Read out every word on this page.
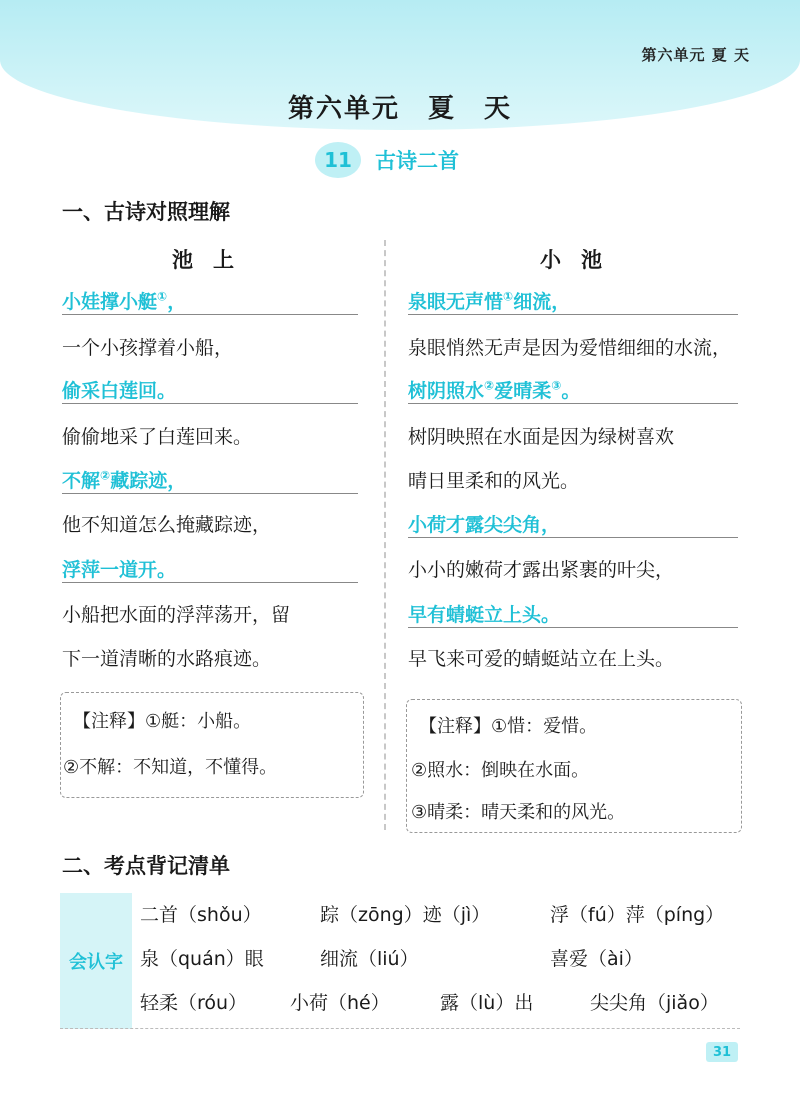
第六单元 夏 天
第六单元　夏　天
11	古诗二首
一、古诗对照理解
池上
小娃撑小艇①，
一个小孩撑着小船，
偷采白莲回。
偷偷地采了白莲回来。
不解②藏踪迹，
他不知道怎么掩藏踪迹，
浮萍一道开。
小船把水面的浮萍荡开，留
下一道清晰的水路痕迹。
【注释】①艇：小船。
②不解：不知道，不懂得。
小池
泉眼无声惜①细流，
泉眼悄然无声是因为爱惜细细的水流，
树阴照水②爱晴柔③。
树阴映照在水面是因为绿树喜欢
晴日里柔和的风光。
小荷才露尖尖角，
小小的嫩荷才露出紧裹的叶尖，
早有蜻蜓立上头。
早飞来可爱的蜻蜓站立在上头。
【注释】①惜：爱惜。
②照水：倒映在水面。
③晴柔：晴天柔和的风光。
二、考点背记清单
会认字
二首（shǒu）	踪（zōng）迹（jì）	浮（fú）萍（píng）
泉（quán）眼	细流（liú）	喜爱（ài）
轻柔（róu） 小荷（hé）	露（lù）出	尖尖角（jiǎo）
31
